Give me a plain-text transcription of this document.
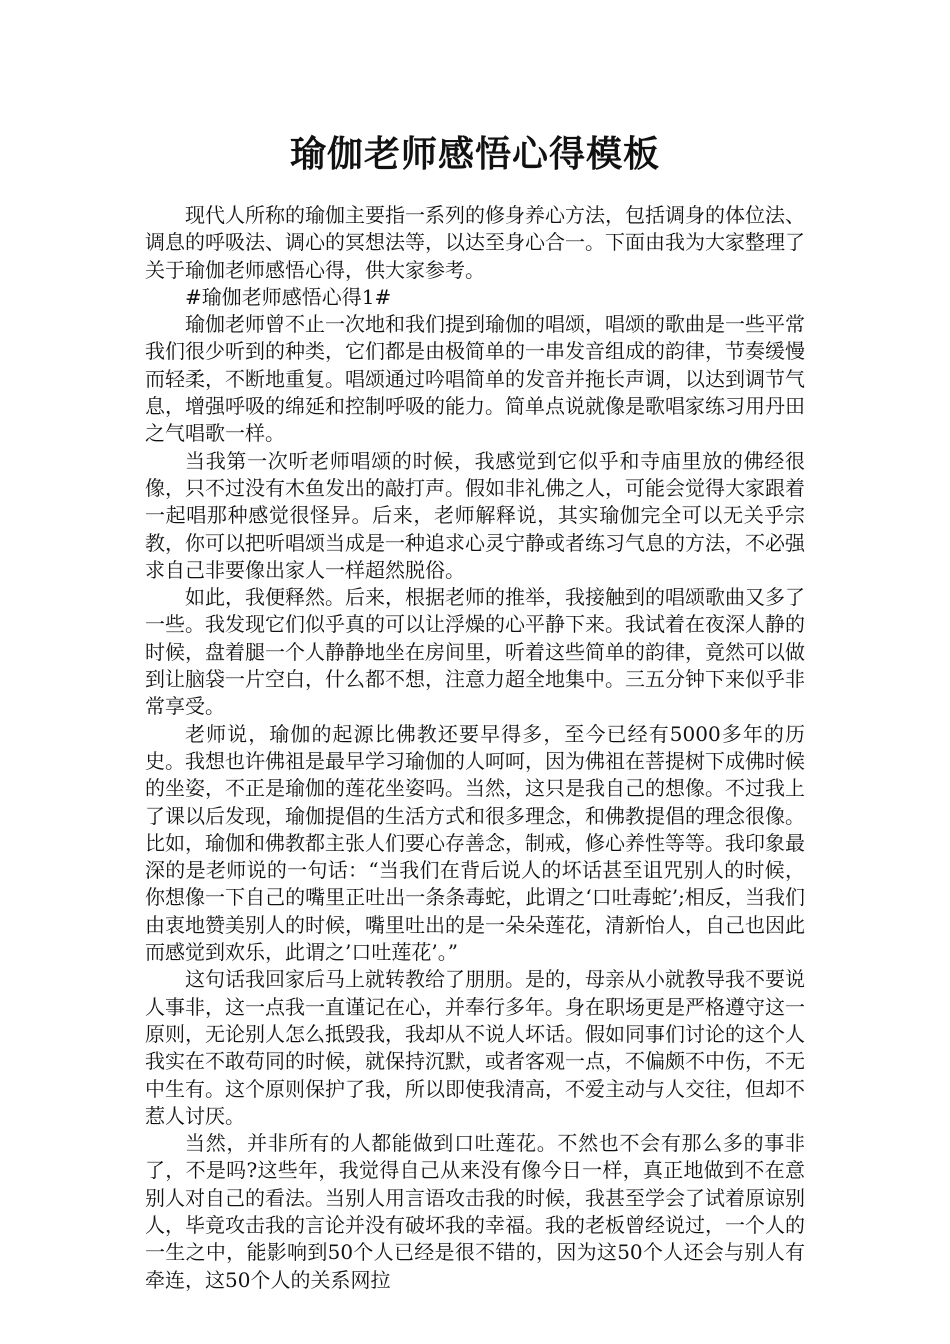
瑜伽老师感悟心得模板

现代人所称的瑜伽主要指一系列的修身养心方法，包括调身的体位法、调息的呼吸法、调心的冥想法等，以达至身心合一。下面由我为大家整理了关于瑜伽老师感悟心得，供大家参考。

#瑜伽老师感悟心得1#

瑜伽老师曾不止一次地和我们提到瑜伽的唱颂，唱颂的歌曲是一些平常我们很少听到的种类，它们都是由极简单的一串发音组成的韵律，节奏缓慢而轻柔，不断地重复。唱颂通过吟唱简单的发音并拖长声调，以达到调节气息，增强呼吸的绵延和控制呼吸的能力。简单点说就像是歌唱家练习用丹田之气唱歌一样。

当我第一次听老师唱颂的时候，我感觉到它似乎和寺庙里放的佛经很像，只不过没有木鱼发出的敲打声。假如非礼佛之人，可能会觉得大家跟着一起唱那种感觉很怪异。后来，老师解释说，其实瑜伽完全可以无关乎宗教，你可以把听唱颂当成是一种追求心灵宁静或者练习气息的方法，不必强求自己非要像出家人一样超然脱俗。

如此，我便释然。后来，根据老师的推举，我接触到的唱颂歌曲又多了一些。我发现它们似乎真的可以让浮燥的心平静下来。我试着在夜深人静的时候，盘着腿一个人静静地坐在房间里，听着这些简单的韵律，竟然可以做到让脑袋一片空白，什么都不想，注意力超全地集中。三五分钟下来似乎非常享受。

老师说，瑜伽的起源比佛教还要早得多，至今已经有5000多年的历史。我想也许佛祖是最早学习瑜伽的人呵呵，因为佛祖在菩提树下成佛时候的坐姿，不正是瑜伽的莲花坐姿吗。当然，这只是我自己的想像。不过我上了课以后发现，瑜伽提倡的生活方式和很多理念，和佛教提倡的理念很像。比如，瑜伽和佛教都主张人们要心存善念，制戒，修心养性等等。我印象最深的是老师说的一句话：“当我们在背后说人的坏话甚至诅咒别人的时候，你想像一下自己的嘴里正吐出一条条毒蛇，此谓之‘口吐毒蛇’;相反，当我们由衷地赞美别人的时候，嘴里吐出的是一朵朵莲花，清新怡人，自己也因此而感觉到欢乐，此谓之’口吐莲花’。”

这句话我回家后马上就转教给了朋朋。是的，母亲从小就教导我不要说人事非，这一点我一直谨记在心，并奉行多年。身在职场更是严格遵守这一原则，无论别人怎么抵毁我，我却从不说人坏话。假如同事们讨论的这个人我实在不敢苟同的时候，就保持沉默，或者客观一点，不偏颇不中伤，不无中生有。这个原则保护了我，所以即使我清高，不爱主动与人交往，但却不惹人讨厌。

当然，并非所有的人都能做到口吐莲花。不然也不会有那么多的事非了，不是吗?这些年，我觉得自己从来没有像今日一样，真正地做到不在意别人对自己的看法。当别人用言语攻击我的时候，我甚至学会了试着原谅别人，毕竟攻击我的言论并没有破坏我的幸福。我的老板曾经说过，一个人的一生之中，能影响到50个人已经是很不错的，因为这50个人还会与别人有牵连，这50个人的关系网拉
